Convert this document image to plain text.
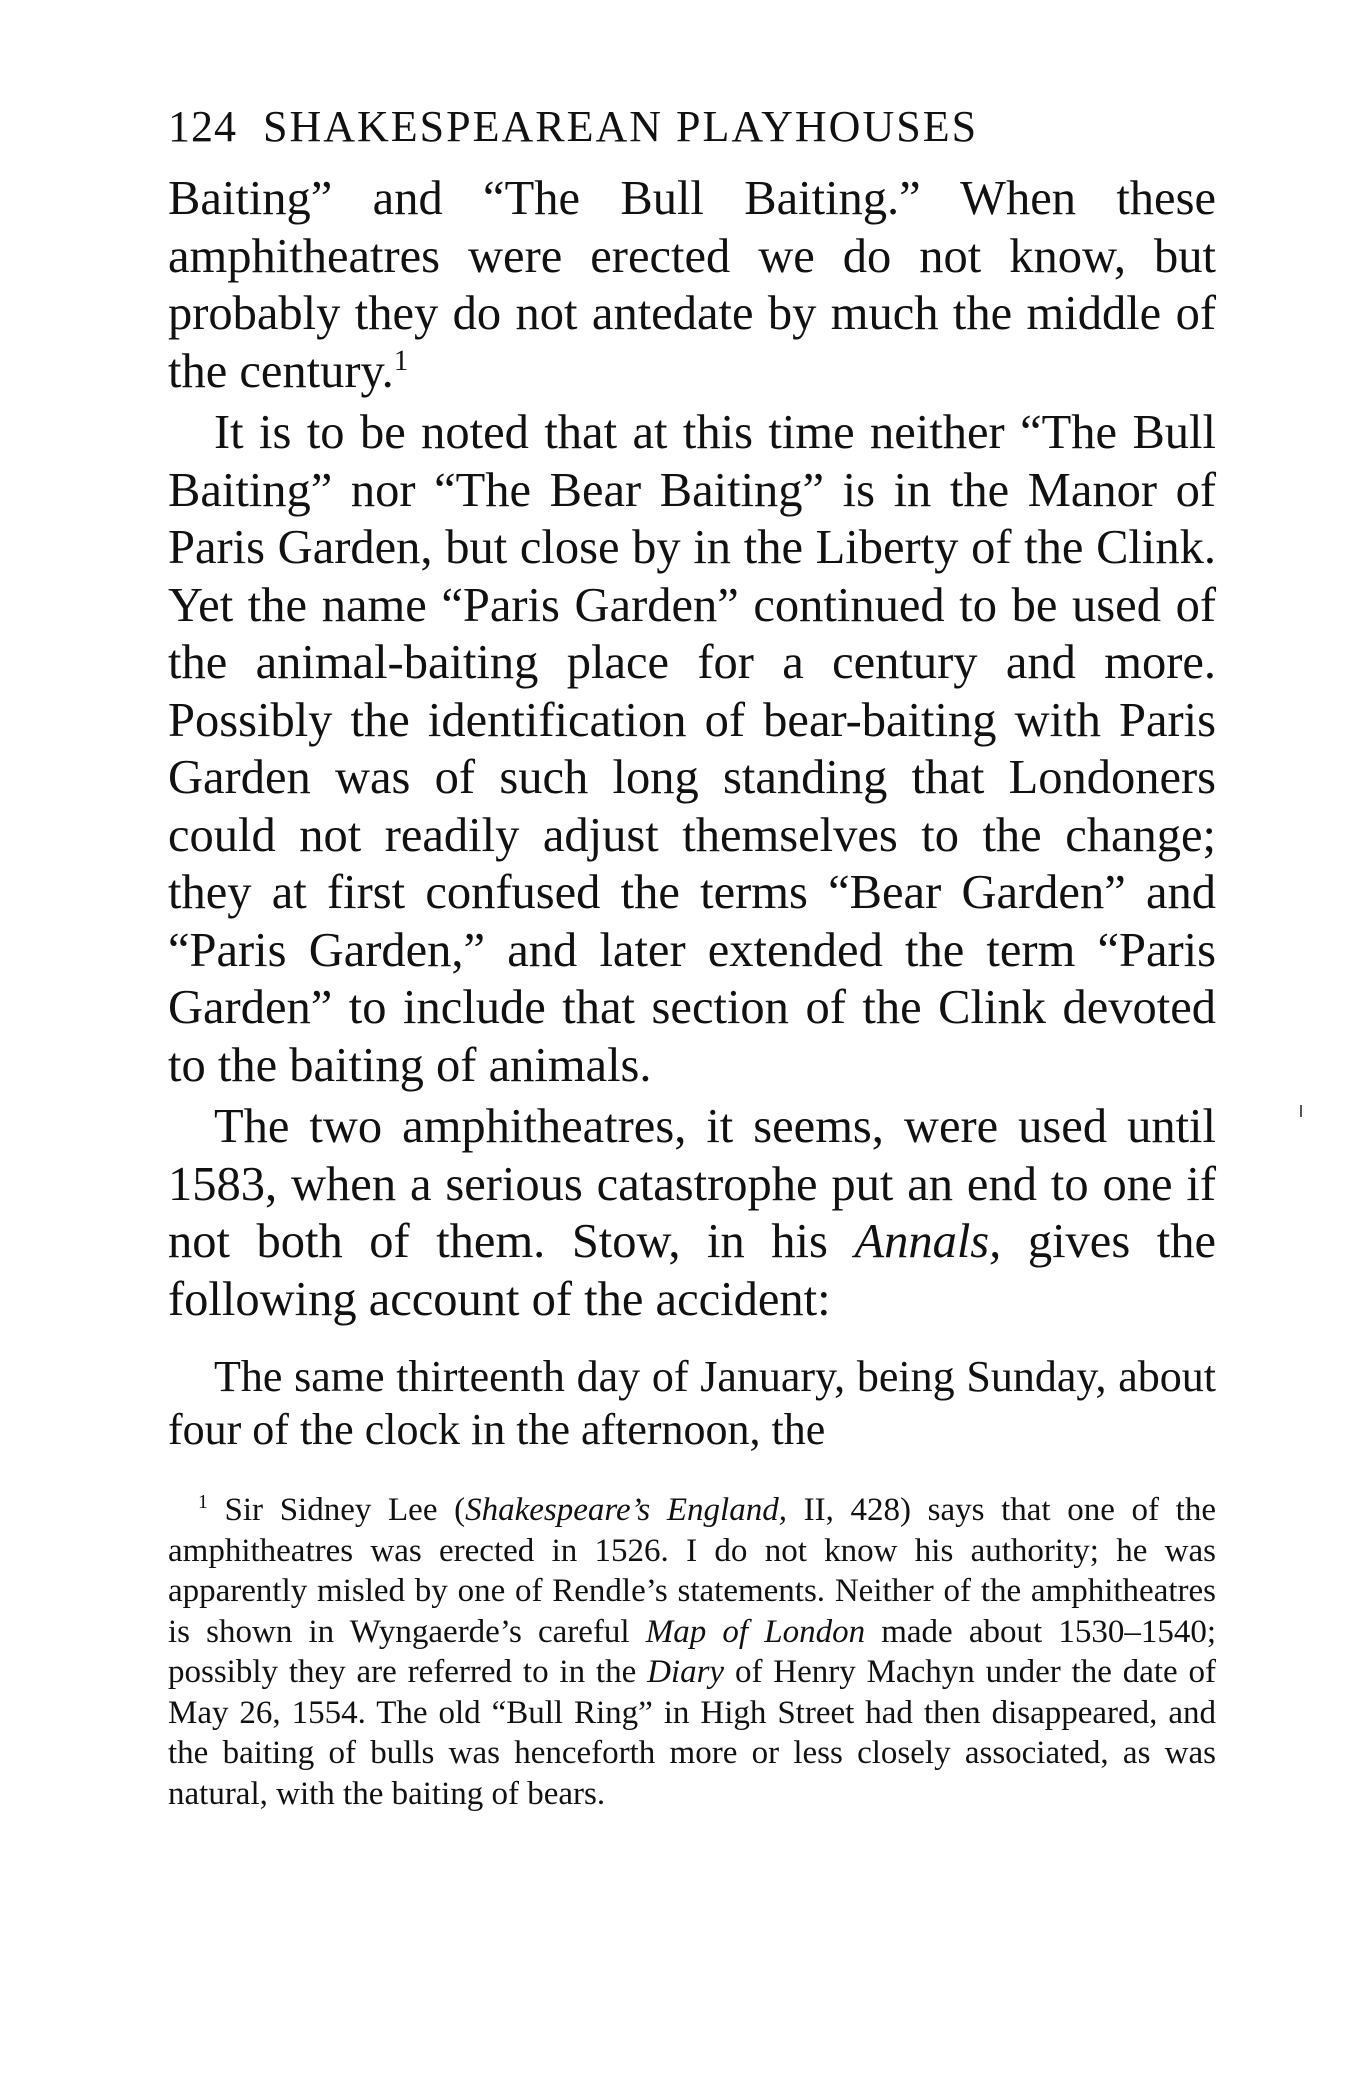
124 SHAKESPEAREAN PLAYHOUSES

Baiting” and “The Bull Baiting.” When these amphitheatres were erected we do not know, but probably they do not antedate by much the middle of the century.$^1$

It is to be noted that at this time neither “The Bull Baiting” nor “The Bear Baiting” is in the Manor of Paris Garden, but close by in the Liberty of the Clink. Yet the name “Paris Garden” continued to be used of the animal-baiting place for a century and more. Possibly the identification of bear-baiting with Paris Garden was of such long standing that Londoners could not readily adjust themselves to the change; they at first confused the terms “Bear Garden” and “Paris Garden,” and later extended the term “Paris Garden” to include that section of the Clink devoted to the baiting of animals.

The two amphitheatres, it seems, were used until 1583, when a serious catastrophe put an end to one if not both of them. Stow, in his Annals, gives the following account of the accident:

The same thirteenth day of January, being Sunday, about four of the clock in the afternoon, the

$^1$ Sir Sidney Lee (Shakespeare’s England, II, 428) says that one of the amphitheatres was erected in 1526. I do not know his authority; he was apparently misled by one of Rendle’s statements. Neither of the amphitheatres is shown in Wyngaerde’s careful Map of London made about 1530–1540; possibly they are referred to in the Diary of Henry Machyn under the date of May 26, 1554. The old “Bull Ring” in High Street had then disappeared, and the baiting of bulls was henceforth more or less closely associated, as was natural, with the baiting of bears.
